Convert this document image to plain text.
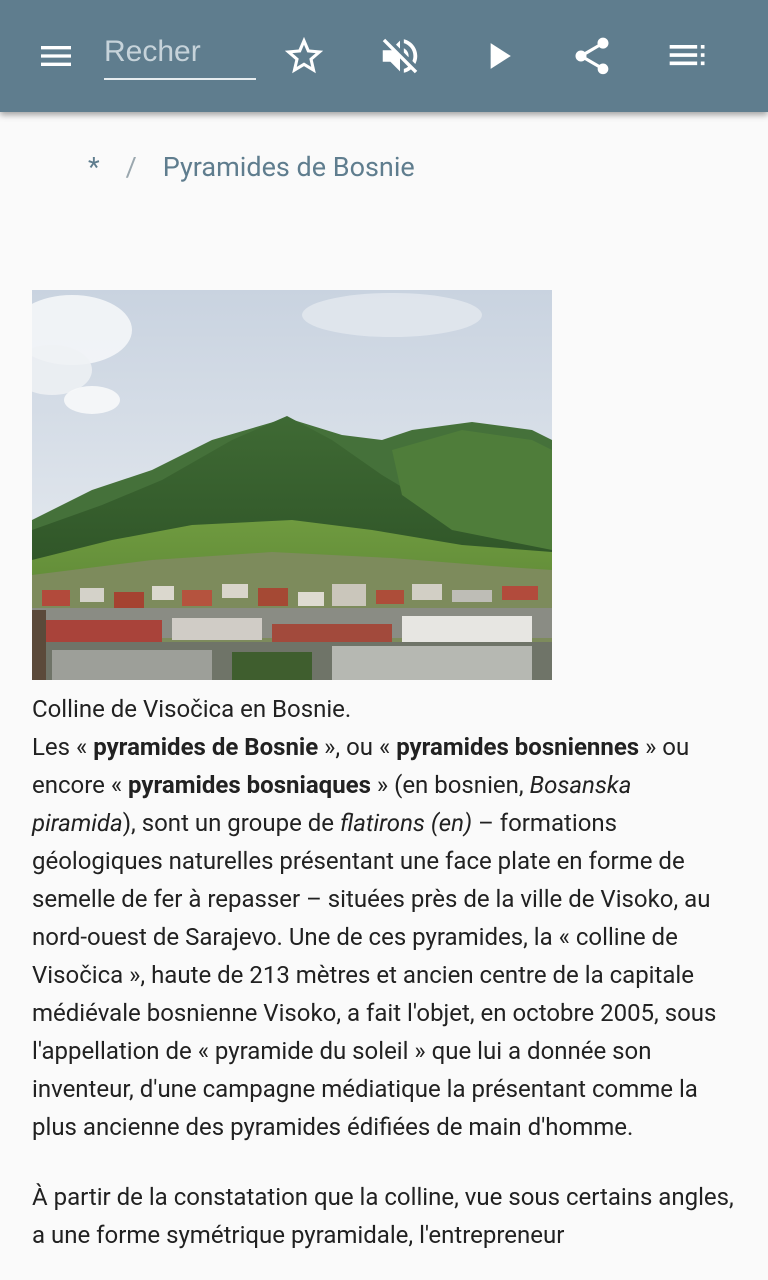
Recher
* / Pyramides de Bosnie

Colline de Visočica en Bosnie.

Les « pyramides de Bosnie », ou « pyramides bosniennes » ou encore « pyramides bosniaques » (en bosnien, Bosanska piramida), sont un groupe de flatirons (en) – formations géologiques naturelles présentant une face plate en forme de semelle de fer à repasser – situées près de la ville de Visoko, au nord-ouest de Sarajevo. Une de ces pyramides, la « colline de Visočica », haute de 213 mètres et ancien centre de la capitale médiévale bosnienne Visoko, a fait l'objet, en octobre 2005, sous l'appellation de « pyramide du soleil » que lui a donnée son inventeur, d'une campagne médiatique la présentant comme la plus ancienne des pyramides édifiées de main d'homme.

À partir de la constatation que la colline, vue sous certains angles, a une forme symétrique pyramidale, l'entrepreneur
